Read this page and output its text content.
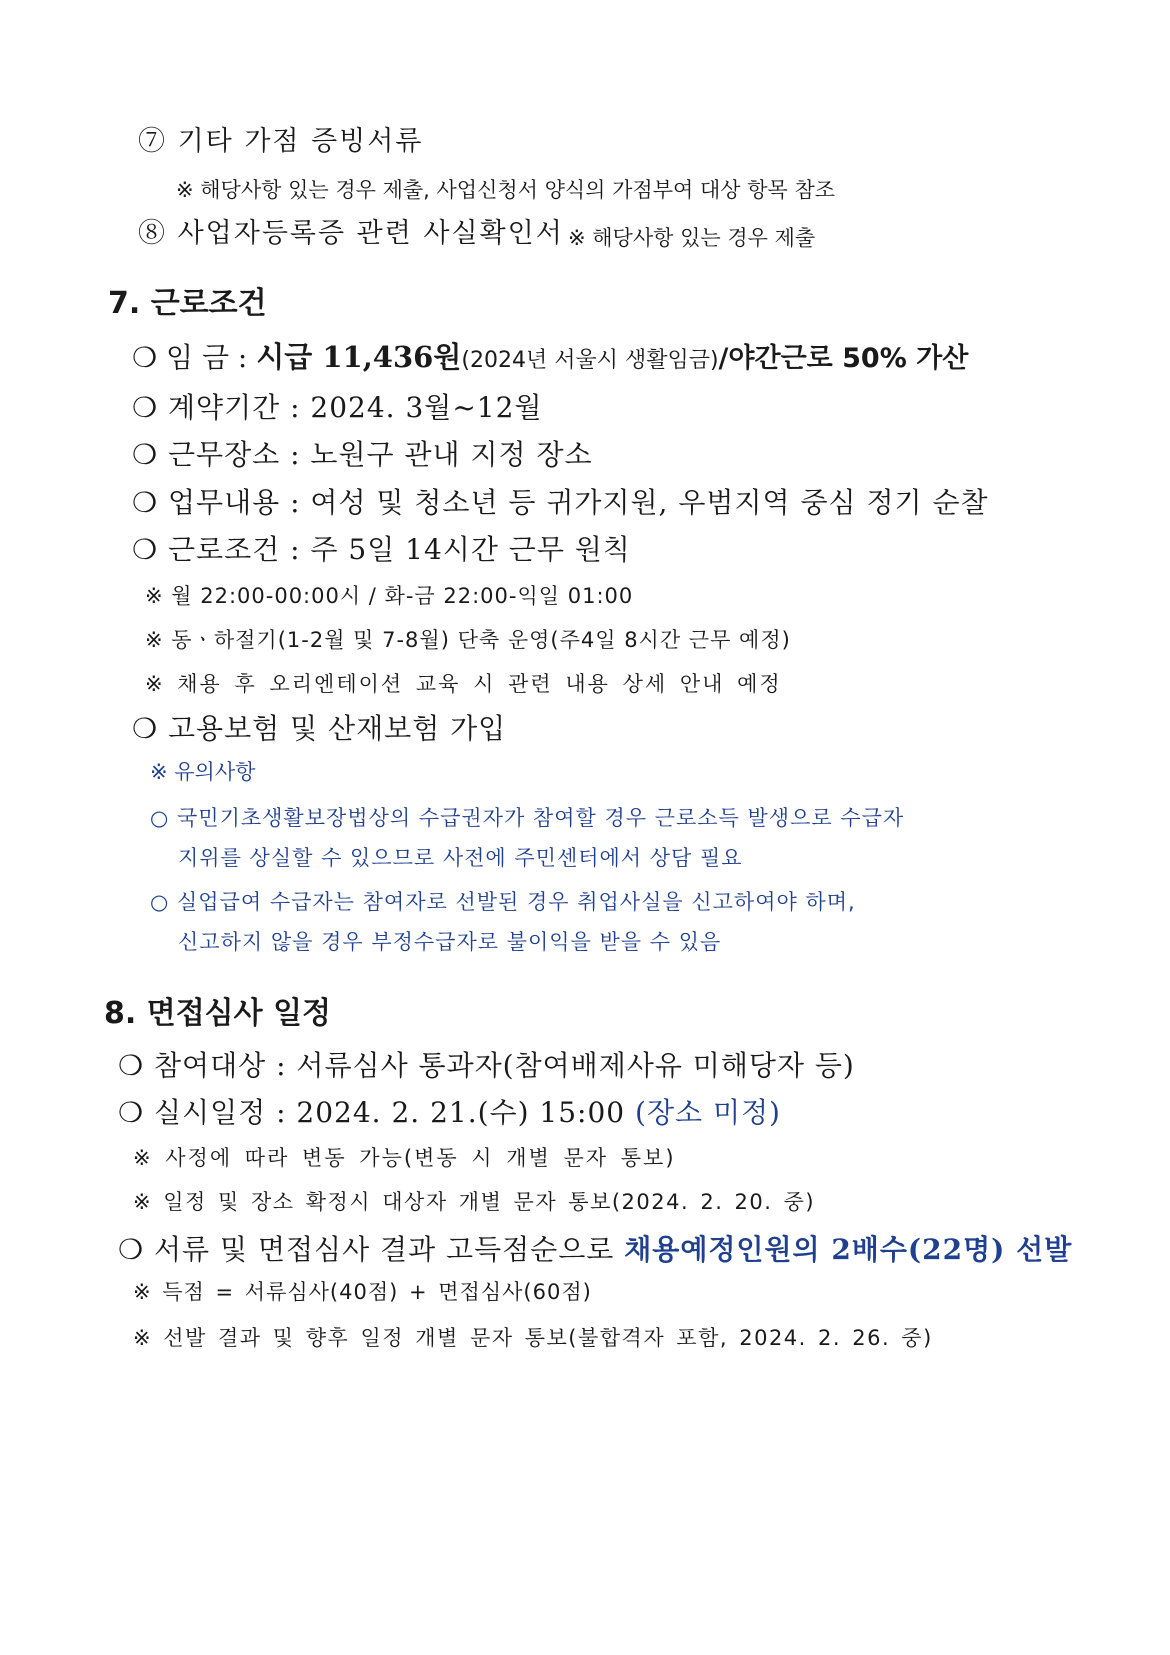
⑦ 기타 가점 증빙서류
※ 해당사항 있는 경우 제출, 사업신청서 양식의 가점부여 대상 항목 참조
⑧ 사업자등록증 관련 사실확인서 ※ 해당사항 있는 경우 제출
7. 근로조건
❍ 임 금 : 시급 11,436원(2024년 서울시 생활임금)/야간근로 50% 가산
❍ 계약기간 : 2024. 3월~12월
❍ 근무장소 : 노원구 관내 지정 장소
❍ 업무내용 : 여성 및 청소년 등 귀가지원, 우범지역 중심 정기 순찰
❍ 근로조건 : 주 5일 14시간 근무 원칙
※ 월 22:00-00:00시 / 화-금 22:00-익일 01:00
※ 동ㆍ하절기(1-2월 및 7-8월) 단축 운영(주4일 8시간 근무 예정)
※ 채용 후 오리엔테이션 교육 시 관련 내용 상세 안내 예정
❍ 고용보험 및 산재보험 가입
※ 유의사항
○ 국민기초생활보장법상의 수급권자가 참여할 경우 근로소득 발생으로 수급자
지위를 상실할 수 있으므로 사전에 주민센터에서 상담 필요
○ 실업급여 수급자는 참여자로 선발된 경우 취업사실을 신고하여야 하며,
신고하지 않을 경우 부정수급자로 불이익을 받을 수 있음
8. 면접심사 일정
❍ 참여대상 : 서류심사 통과자(참여배제사유 미해당자 등)
❍ 실시일정 : 2024. 2. 21.(수) 15:00 (장소 미정)
※ 사정에 따라 변동 가능(변동 시 개별 문자 통보)
※ 일정 및 장소 확정시 대상자 개별 문자 통보(2024. 2. 20. 중)
❍ 서류 및 면접심사 결과 고득점순으로 채용예정인원의 2배수(22명) 선발
※ 득점 = 서류심사(40점) + 면접심사(60점)
※ 선발 결과 및 향후 일정 개별 문자 통보(불합격자 포함, 2024. 2. 26. 중)
